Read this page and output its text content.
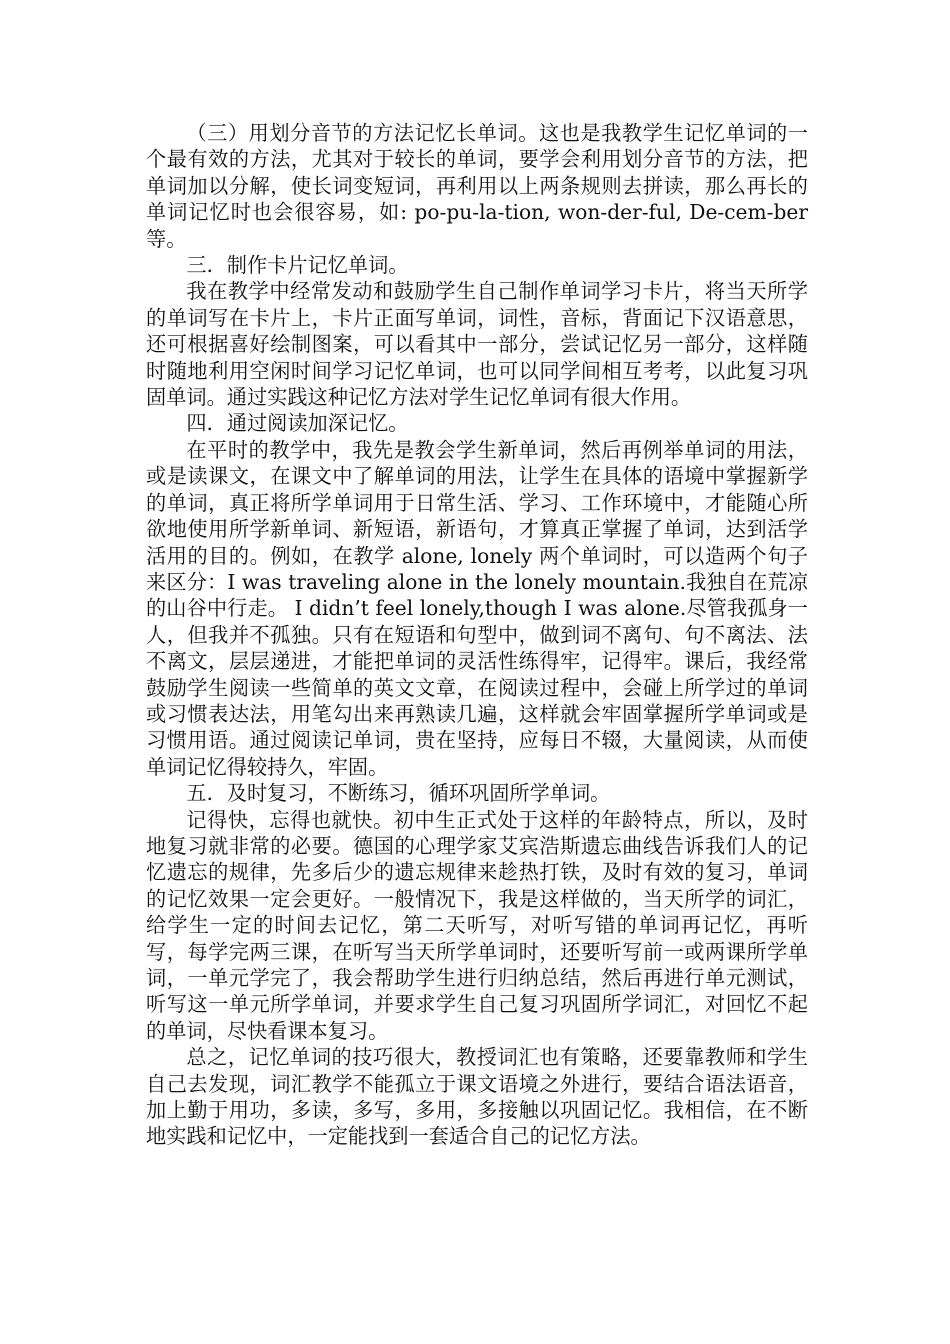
（三）用划分音节的方法记忆长单词。这也是我教学生记忆单词的一个最有效的方法，尤其对于较长的单词，要学会利用划分音节的方法，把单词加以分解，使长词变短词，再利用以上两条规则去拼读，那么再长的单词记忆时也会很容易，如: po-pu-la-tion, won-der-ful, De-cem-ber 等。

三．制作卡片记忆单词。

我在教学中经常发动和鼓励学生自己制作单词学习卡片，将当天所学的单词写在卡片上，卡片正面写单词，词性，音标，背面记下汉语意思，还可根据喜好绘制图案，可以看其中一部分，尝试记忆另一部分，这样随时随地利用空闲时间学习记忆单词，也可以同学间相互考考，以此复习巩固单词。通过实践这种记忆方法对学生记忆单词有很大作用。

四．通过阅读加深记忆。

在平时的教学中，我先是教会学生新单词，然后再例举单词的用法，或是读课文，在课文中了解单词的用法，让学生在具体的语境中掌握新学的单词，真正将所学单词用于日常生活、学习、工作环境中，才能随心所欲地使用所学新单词、新短语，新语句，才算真正掌握了单词，达到活学活用的目的。例如，在教学 alone, lonely 两个单词时，可以造两个句子来区分：I was traveling alone in the lonely mountain.我独自在荒凉的山谷中行走。 I didn’t feel lonely,though I was alone.尽管我孤身一人，但我并不孤独。只有在短语和句型中，做到词不离句、句不离法、法不离文，层层递进，才能把单词的灵活性练得牢，记得牢。课后，我经常鼓励学生阅读一些简单的英文文章，在阅读过程中，会碰上所学过的单词或习惯表达法，用笔勾出来再熟读几遍，这样就会牢固掌握所学单词或是习惯用语。通过阅读记单词，贵在坚持，应每日不辍，大量阅读，从而使单词记忆得较持久，牢固。

五．及时复习，不断练习，循环巩固所学单词。

记得快，忘得也就快。初中生正式处于这样的年龄特点，所以，及时地复习就非常的必要。德国的心理学家艾宾浩斯遗忘曲线告诉我们人的记忆遗忘的规律，先多后少的遗忘规律来趁热打铁，及时有效的复习，单词的记忆效果一定会更好。一般情况下，我是这样做的，当天所学的词汇，给学生一定的时间去记忆，第二天听写，对听写错的单词再记忆，再听写，每学完两三课，在听写当天所学单词时，还要听写前一或两课所学单词，一单元学完了，我会帮助学生进行归纳总结，然后再进行单元测试，听写这一单元所学单词，并要求学生自己复习巩固所学词汇，对回忆不起的单词，尽快看课本复习。

总之，记忆单词的技巧很大，教授词汇也有策略，还要靠教师和学生自己去发现，词汇教学不能孤立于课文语境之外进行，要结合语法语音，加上勤于用功，多读，多写，多用，多接触以巩固记忆。我相信，在不断地实践和记忆中，一定能找到一套适合自己的记忆方法。
